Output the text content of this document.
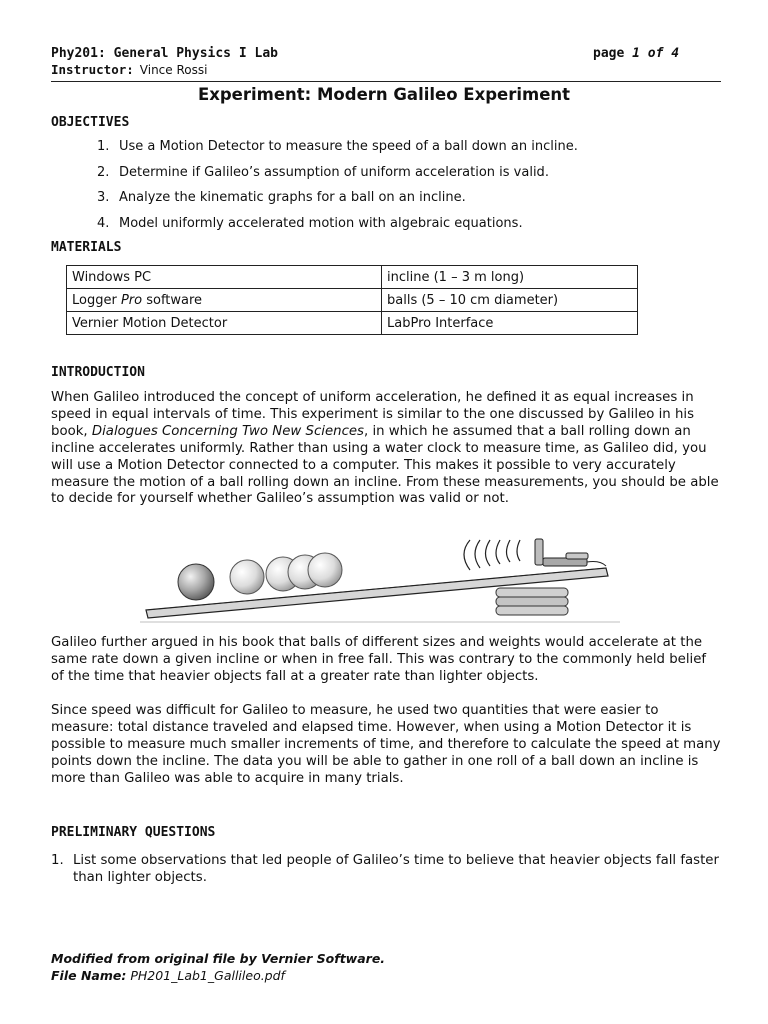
Phy201: General Physics I Lab	page 1 of 4
Instructor: Vince Rossi
Experiment: Modern Galileo Experiment
OBJECTIVES
1. Use a Motion Detector to measure the speed of a ball down an incline.
2. Determine if Galileo’s assumption of uniform acceleration is valid.
3. Analyze the kinematic graphs for a ball on an incline.
4. Model uniformly accelerated motion with algebraic equations.
MATERIALS
Windows PC	incline (1 – 3 m long)
Logger Pro software	balls (5 – 10 cm diameter)
Vernier Motion Detector	LabPro Interface
INTRODUCTION
When Galileo introduced the concept of uniform acceleration, he defined it as equal increases in speed in equal intervals of time. This experiment is similar to the one discussed by Galileo in his book, Dialogues Concerning Two New Sciences, in which he assumed that a ball rolling down an incline accelerates uniformly. Rather than using a water clock to measure time, as Galileo did, you will use a Motion Detector connected to a computer. This makes it possible to very accurately measure the motion of a ball rolling down an incline. From these measurements, you should be able to decide for yourself whether Galileo’s assumption was valid or not.
Galileo further argued in his book that balls of different sizes and weights would accelerate at the same rate down a given incline or when in free fall. This was contrary to the commonly held belief of the time that heavier objects fall at a greater rate than lighter objects.
Since speed was difficult for Galileo to measure, he used two quantities that were easier to measure: total distance traveled and elapsed time. However, when using a Motion Detector it is possible to measure much smaller increments of time, and therefore to calculate the speed at many points down the incline. The data you will be able to gather in one roll of a ball down an incline is more than Galileo was able to acquire in many trials.
PRELIMINARY QUESTIONS
1. List some observations that led people of Galileo’s time to believe that heavier objects fall faster than lighter objects.
Modified from original file by Vernier Software.
File Name: PH201_Lab1_Gallileo.pdf
